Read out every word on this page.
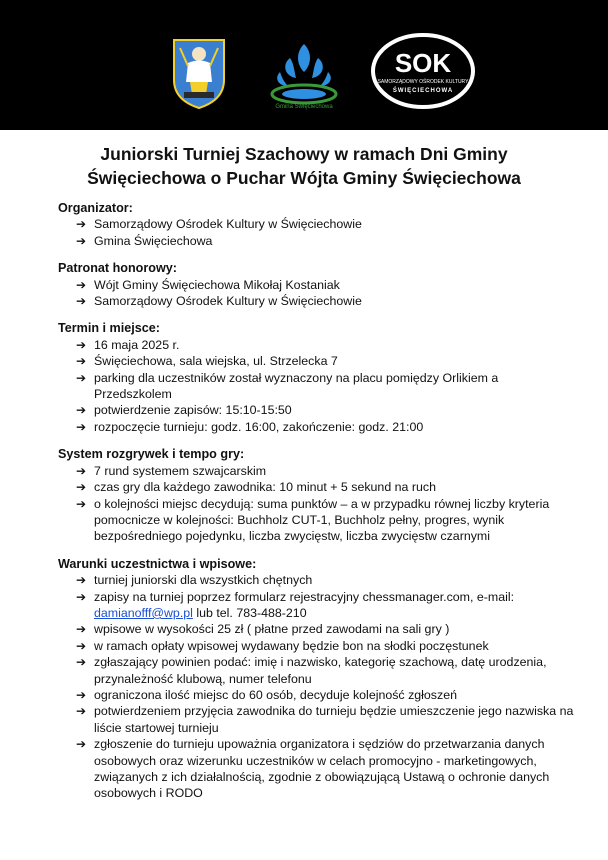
Gmina Święciechowa
SOK
SAMORZĄDOWY OŚRODEK KULTURY
ŚWIĘCIECHOWA
Juniorski Turniej Szachowy w ramach Dni Gminy
Święciechowa o Puchar Wójta Gminy Święciechowa
Organizator:
➔ Samorządowy Ośrodek Kultury w Święciechowie
➔ Gmina Święciechowa
Patronat honorowy:
➔ Wójt Gminy Święciechowa Mikołaj Kostaniak
➔ Samorządowy Ośrodek Kultury w Święciechowie
Termin i miejsce:
➔ 16 maja 2025 r.
➔ Święciechowa, sala wiejska, ul. Strzelecka 7
➔ parking dla uczestników został wyznaczony na placu pomiędzy Orlikiem a Przedszkolem
➔ potwierdzenie zapisów: 15:10-15:50
➔ rozpoczęcie turnieju: godz. 16:00, zakończenie: godz. 21:00
System rozgrywek i tempo gry:
➔ 7 rund systemem szwajcarskim
➔ czas gry dla każdego zawodnika: 10 minut + 5 sekund na ruch
➔ o kolejności miejsc decydują: suma punktów – a w przypadku równej liczby kryteria pomocnicze w kolejności: Buchholz CUT-1, Buchholz pełny, progres, wynik bezpośredniego pojedynku, liczba zwycięstw, liczba zwycięstw czarnymi
Warunki uczestnictwa i wpisowe:
➔ turniej juniorski dla wszystkich chętnych
➔ zapisy na turniej poprzez formularz rejestracyjny chessmanager.com, e-mail: damianofff@wp.pl lub tel. 783-488-210
➔ wpisowe w wysokości 25 zł ( płatne przed zawodami na sali gry )
➔ w ramach opłaty wpisowej wydawany będzie bon na słodki poczęstunek
➔ zgłaszający powinien podać: imię i nazwisko, kategorię szachową, datę urodzenia, przynależność klubową, numer telefonu
➔ ograniczona ilość miejsc do 60 osób, decyduje kolejność zgłoszeń
➔ potwierdzeniem przyjęcia zawodnika do turnieju będzie umieszczenie jego nazwiska na liście startowej turnieju
➔ zgłoszenie do turnieju upoważnia organizatora i sędziów do przetwarzania danych osobowych oraz wizerunku uczestników w celach promocyjno - marketingowych, związanych z ich działalnością, zgodnie z obowiązującą Ustawą o ochronie danych osobowych i RODO
